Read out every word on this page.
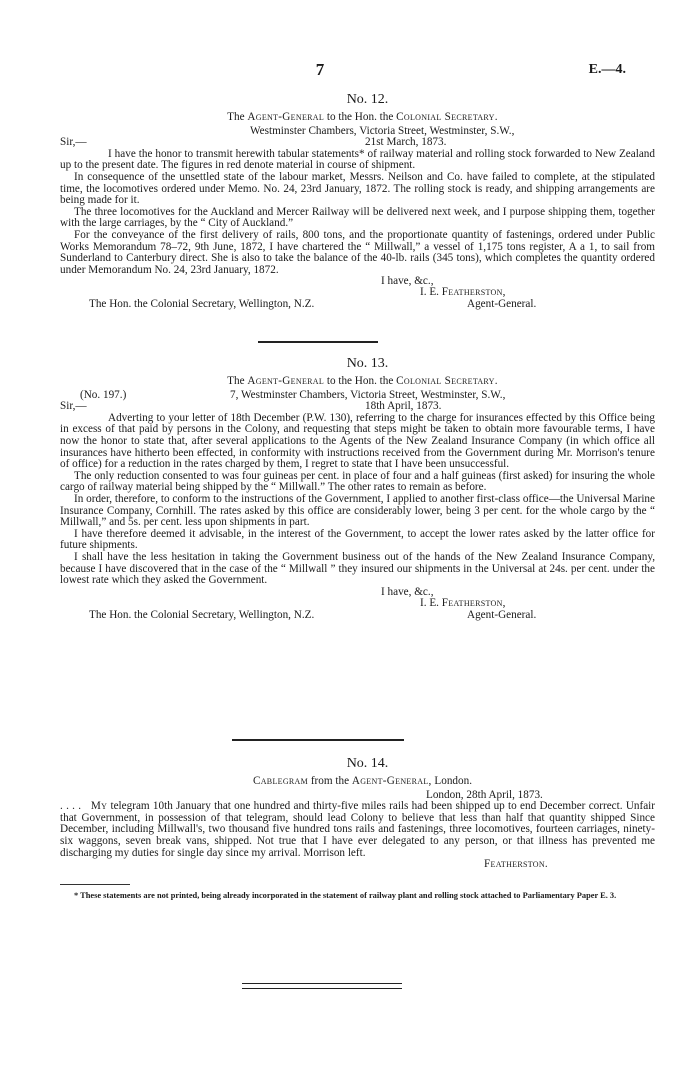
7	E.—4.
No. 12.
The Agent-General to the Hon. the Colonial Secretary.
Westminster Chambers, Victoria Street, Westminster, S.W.,
Sir,—	21st March, 1873.

I have the honor to transmit herewith tabular statements* of railway material and rolling stock forwarded to New Zealand up to the present date. The figures in red denote material in course of shipment.

In consequence of the unsettled state of the labour market, Messrs. Neilson and Co. have failed to complete, at the stipulated time, the locomotives ordered under Memo. No. 24, 23rd January, 1872. The rolling stock is ready, and shipping arrangements are being made for it.

The three locomotives for the Auckland and Mercer Railway will be delivered next week, and I purpose shipping them, together with the large carriages, by the “ City of Auckland.”

For the conveyance of the first delivery of rails, 800 tons, and the proportionate quantity of fastenings, ordered under Public Works Memorandum 78–72, 9th June, 1872, I have chartered the “ Millwall,” a vessel of 1,175 tons register, A a 1, to sail from Sunderland to Canterbury direct. She is also to take the balance of the 40-lb. rails (345 tons), which completes the quantity ordered under Memorandum No. 24, 23rd January, 1872.

I have, &c.,
I. E. Featherston,
The Hon. the Colonial Secretary, Wellington, N.Z.	Agent-General.
No. 13.
The Agent-General to the Hon. the Colonial Secretary.
(No. 197.)	7, Westminster Chambers, Victoria Street, Westminster, S.W.,
Sir,—	18th April, 1873.

Adverting to your letter of 18th December (P.W. 130), referring to the charge for insurances effected by this Office being in excess of that paid by persons in the Colony, and requesting that steps might be taken to obtain more favourable terms, I have now the honor to state that, after several applications to the Agents of the New Zealand Insurance Company (in which office all insurances have hitherto been effected, in conformity with instructions received from the Government during Mr. Morrison's tenure of office) for a reduction in the rates charged by them, I regret to state that I have been unsuccessful.

The only reduction consented to was four guineas per cent. in place of four and a half guineas (first asked) for insuring the whole cargo of railway material being shipped by the “ Millwall.” The other rates to remain as before.

In order, therefore, to conform to the instructions of the Government, I applied to another first-class office—the Universal Marine Insurance Company, Cornhill. The rates asked by this office are considerably lower, being 3 per cent. for the whole cargo by the “ Millwall,” and 5s. per cent. less upon shipments in part.

I have therefore deemed it advisable, in the interest of the Government, to accept the lower rates asked by the latter office for future shipments.

I shall have the less hesitation in taking the Government business out of the hands of the New Zealand Insurance Company, because I have discovered that in the case of the “ Millwall ” they insured our shipments in the Universal at 24s. per cent. under the lowest rate which they asked the Government.

I have, &c.,
I. E. Featherston,
The Hon. the Colonial Secretary, Wellington, N.Z.	Agent-General.
No. 14.
Cablegram from the Agent-General, London.
London, 28th April, 1873.

. . . . My telegram 10th January that one hundred and thirty-five miles rails had been shipped up to end December correct. Unfair that Government, in possession of that telegram, should lead Colony to believe that less than half that quantity shipped Since December, including Millwall's, two thousand five hundred tons rails and fastenings, three locomotives, fourteen carriages, ninety-six waggons, seven break vans, shipped. Not true that I have ever delegated to any person, or that illness has prevented me discharging my duties for single day since my arrival. Morrison left.

Featherston.
* These statements are not printed, being already incorporated in the statement of railway plant and rolling stock attached to Parliamentary Paper E. 3.
